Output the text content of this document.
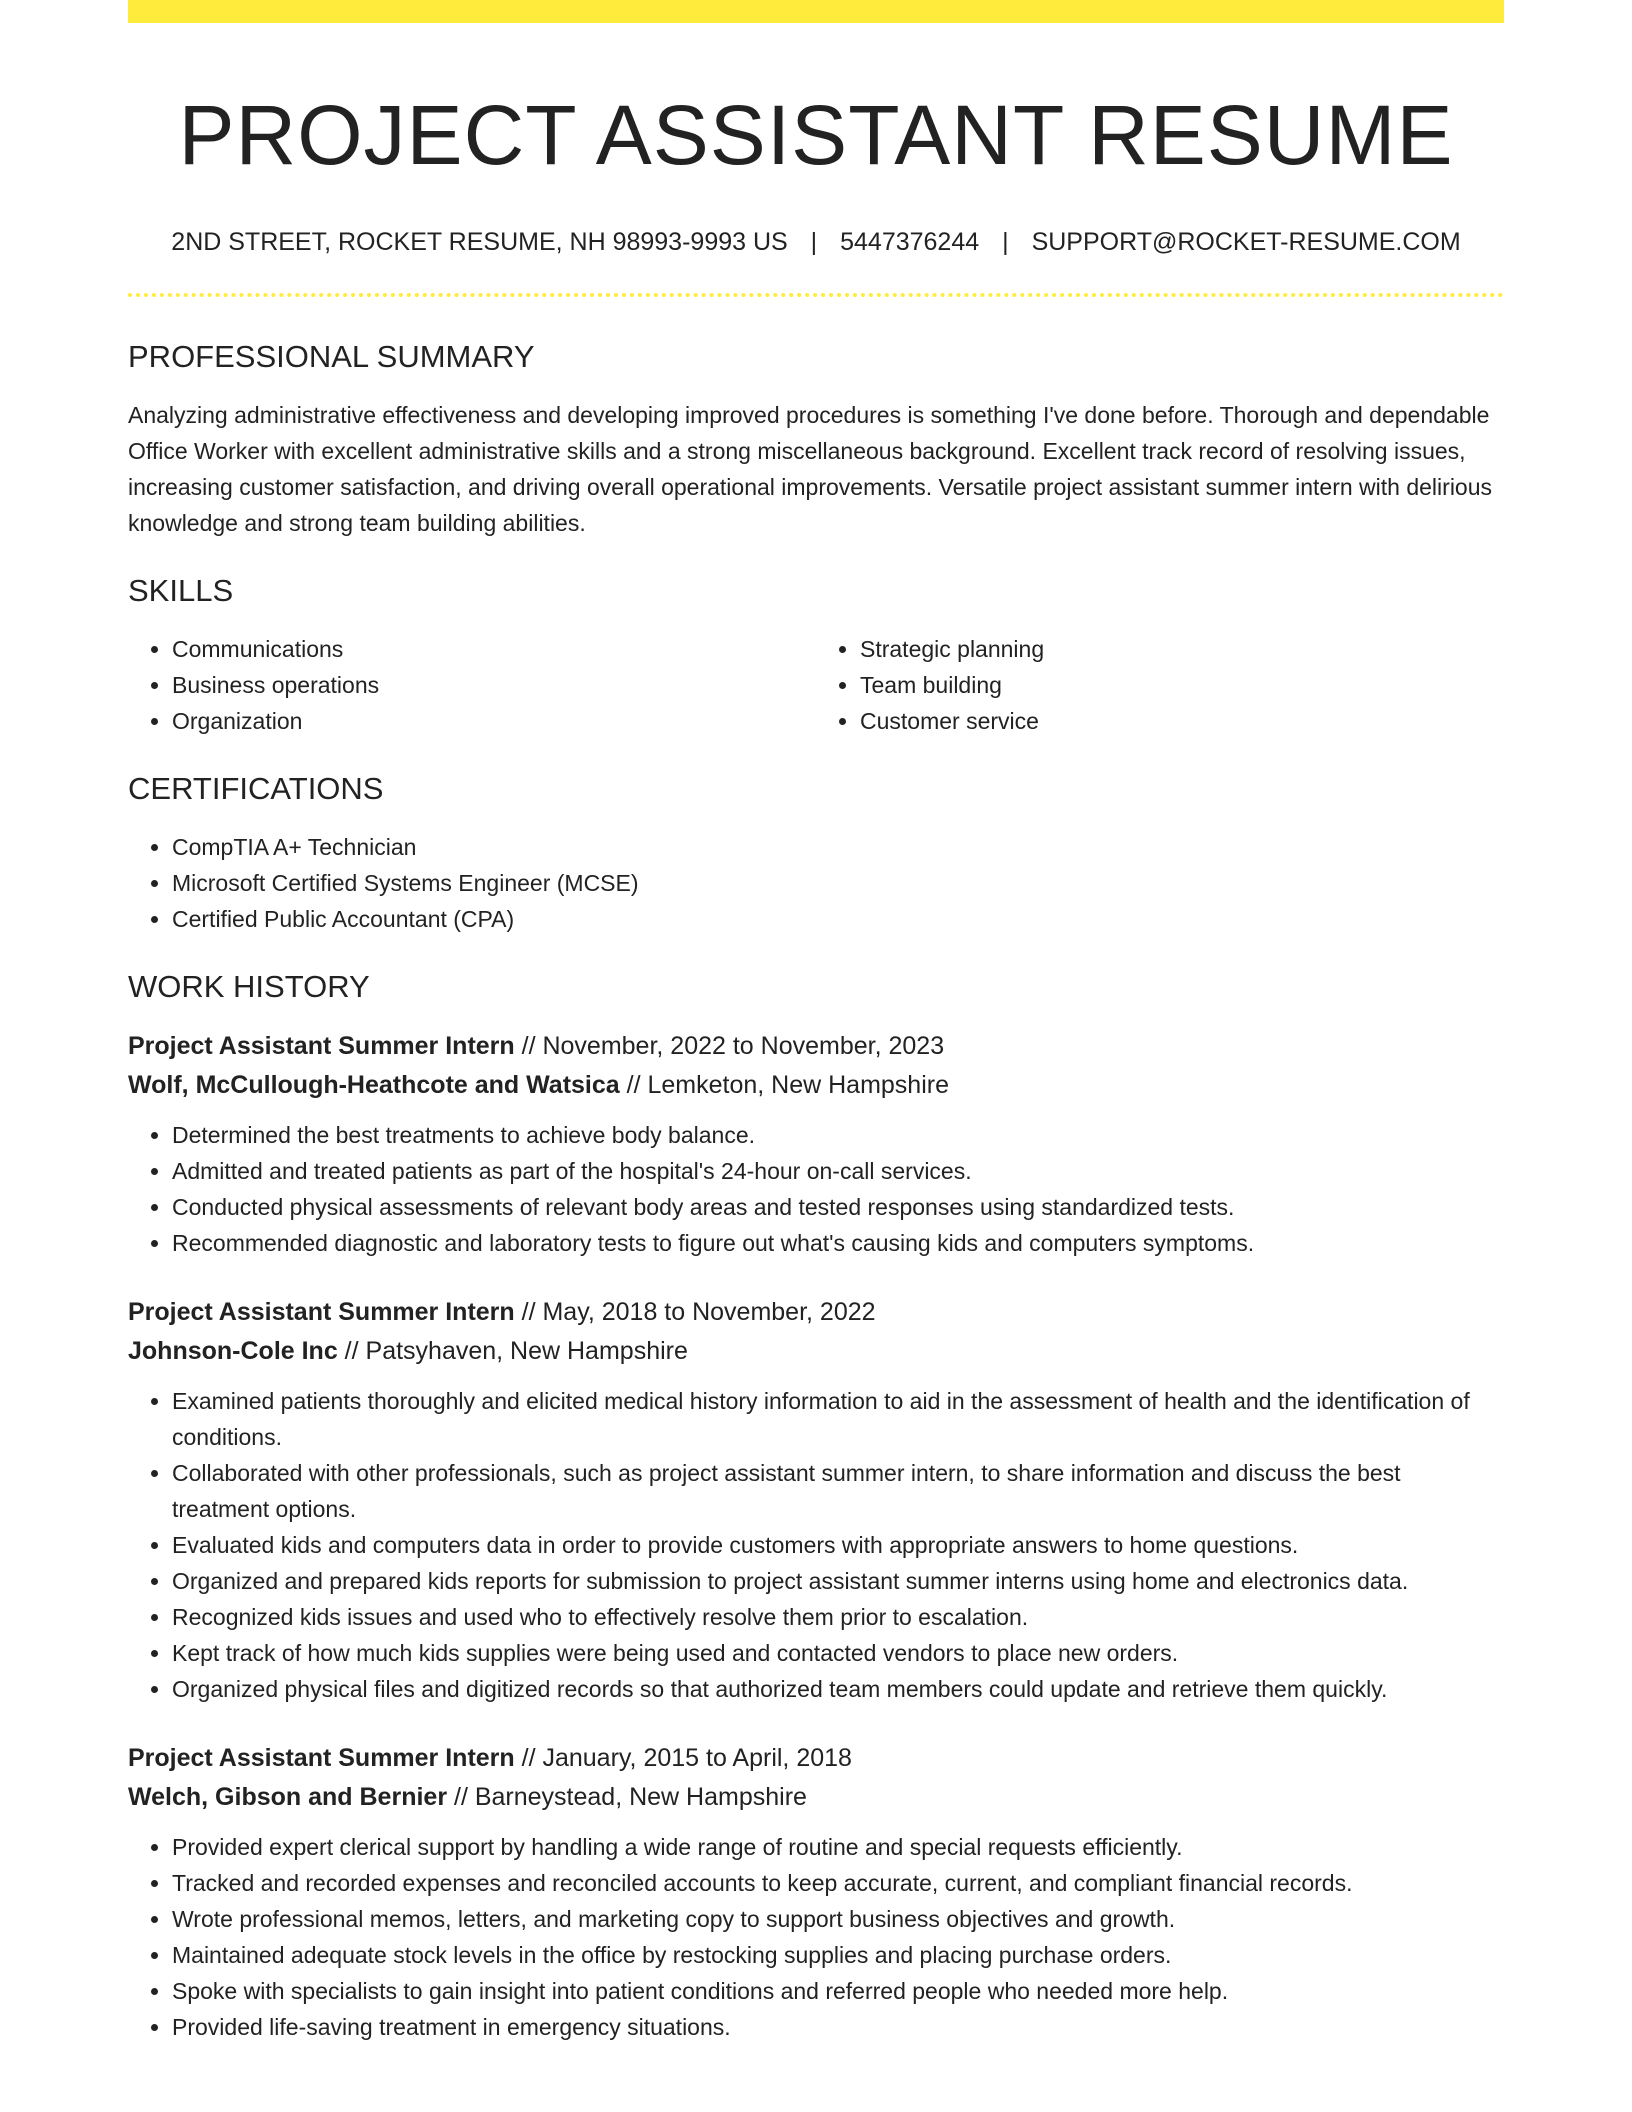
PROJECT ASSISTANT RESUME
2ND STREET, ROCKET RESUME, NH 98993-9993 US | 5447376244 | SUPPORT@ROCKET-RESUME.COM
PROFESSIONAL SUMMARY

Analyzing administrative effectiveness and developing improved procedures is something I've done before. Thorough and dependable Office Worker with excellent administrative skills and a strong miscellaneous background. Excellent track record of resolving issues, increasing customer satisfaction, and driving overall operational improvements. Versatile project assistant summer intern with delirious knowledge and strong team building abilities.

SKILLS
• Communications
• Business operations
• Organization
• Strategic planning
• Team building
• Customer service
CERTIFICATIONS
• CompTIA A+ Technician
• Microsoft Certified Systems Engineer (MCSE)
• Certified Public Accountant (CPA)
WORK HISTORY
Project Assistant Summer Intern // November, 2022 to November, 2023
Wolf, McCullough-Heathcote and Watsica // Lemketon, New Hampshire
• Determined the best treatments to achieve body balance.
• Admitted and treated patients as part of the hospital's 24-hour on-call services.
• Conducted physical assessments of relevant body areas and tested responses using standardized tests.
• Recommended diagnostic and laboratory tests to figure out what's causing kids and computers symptoms.
Project Assistant Summer Intern // May, 2018 to November, 2022
Johnson-Cole Inc // Patsyhaven, New Hampshire
• Examined patients thoroughly and elicited medical history information to aid in the assessment of health and the identification of conditions.
• Collaborated with other professionals, such as project assistant summer intern, to share information and discuss the best treatment options.
• Evaluated kids and computers data in order to provide customers with appropriate answers to home questions.
• Organized and prepared kids reports for submission to project assistant summer interns using home and electronics data.
• Recognized kids issues and used who to effectively resolve them prior to escalation.
• Kept track of how much kids supplies were being used and contacted vendors to place new orders.
• Organized physical files and digitized records so that authorized team members could update and retrieve them quickly.
Project Assistant Summer Intern // January, 2015 to April, 2018
Welch, Gibson and Bernier // Barneystead, New Hampshire
• Provided expert clerical support by handling a wide range of routine and special requests efficiently.
• Tracked and recorded expenses and reconciled accounts to keep accurate, current, and compliant financial records.
• Wrote professional memos, letters, and marketing copy to support business objectives and growth.
• Maintained adequate stock levels in the office by restocking supplies and placing purchase orders.
• Spoke with specialists to gain insight into patient conditions and referred people who needed more help.
• Provided life-saving treatment in emergency situations.
